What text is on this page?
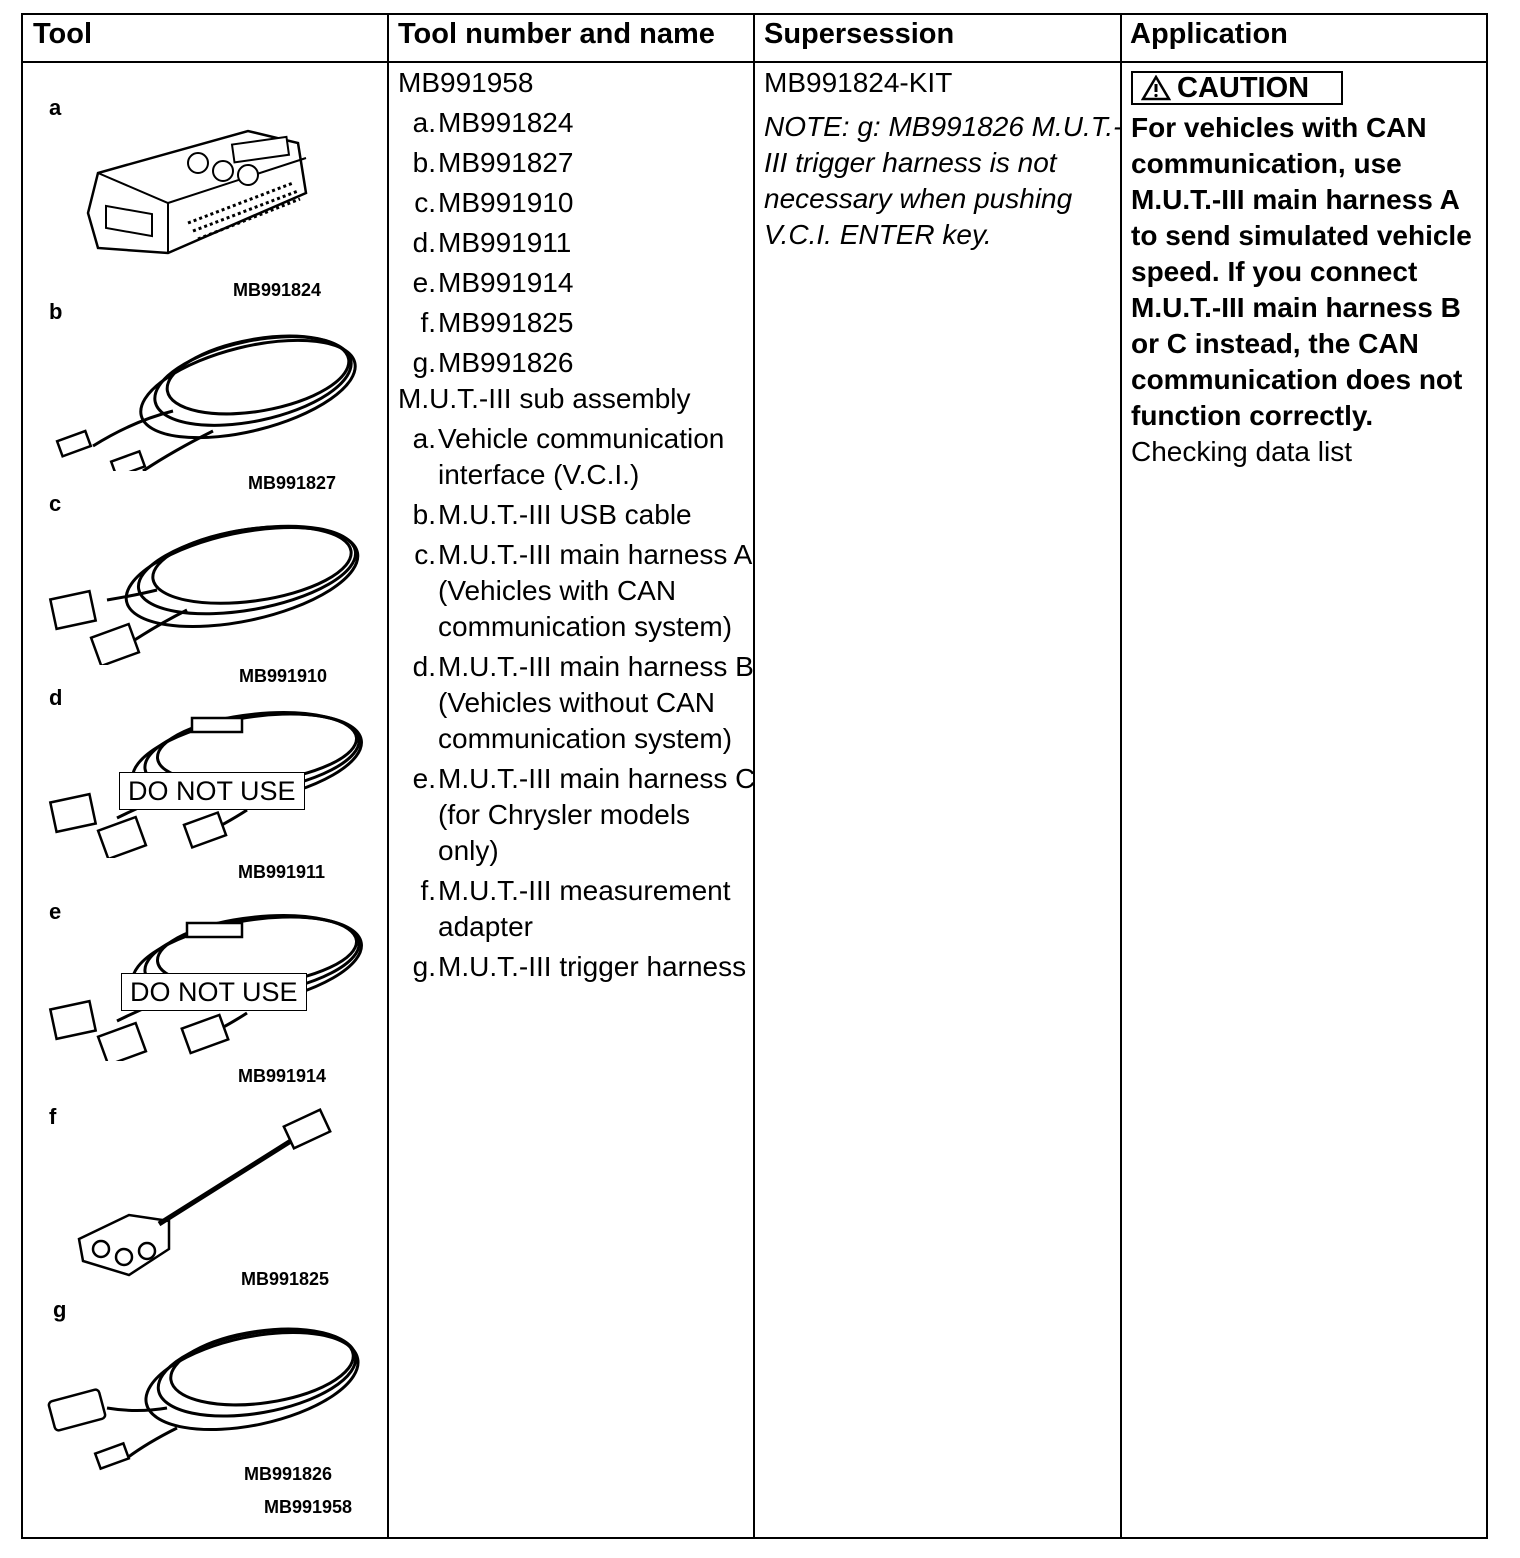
Tool	Tool number and name Supersession	Application
a
MB991824
b
MB991827
c
MB991910
d
DO NOT USE
MB991911
e
DO NOT USE
MB991914
f
MB991825
g
MB991826
MB991958
MB991958
a. MB991824
b. MB991827
c. MB991910
d. MB991911
e. MB991914
f. MB991825
g. MB991826
M.U.T.-III sub assembly
a. Vehicle communication interface (V.C.I.)
b. M.U.T.-III USB cable
c. M.U.T.-III main harness A (Vehicles with CAN communication system)
d. M.U.T.-III main harness B (Vehicles without CAN communication system)
e. M.U.T.-III main harness C (for Chrysler models only)
f. M.U.T.-III measurement adapter
g. M.U.T.-III trigger harness
MB991824-KIT
NOTE: g: MB991826 M.U.T.-III trigger harness is not necessary when pushing V.C.I. ENTER key.
CAUTION
For vehicles with CAN communication, use M.U.T.-III main harness A to send simulated vehicle speed. If you connect M.U.T.-III main harness B or C instead, the CAN communication does not function correctly.
Checking data list
